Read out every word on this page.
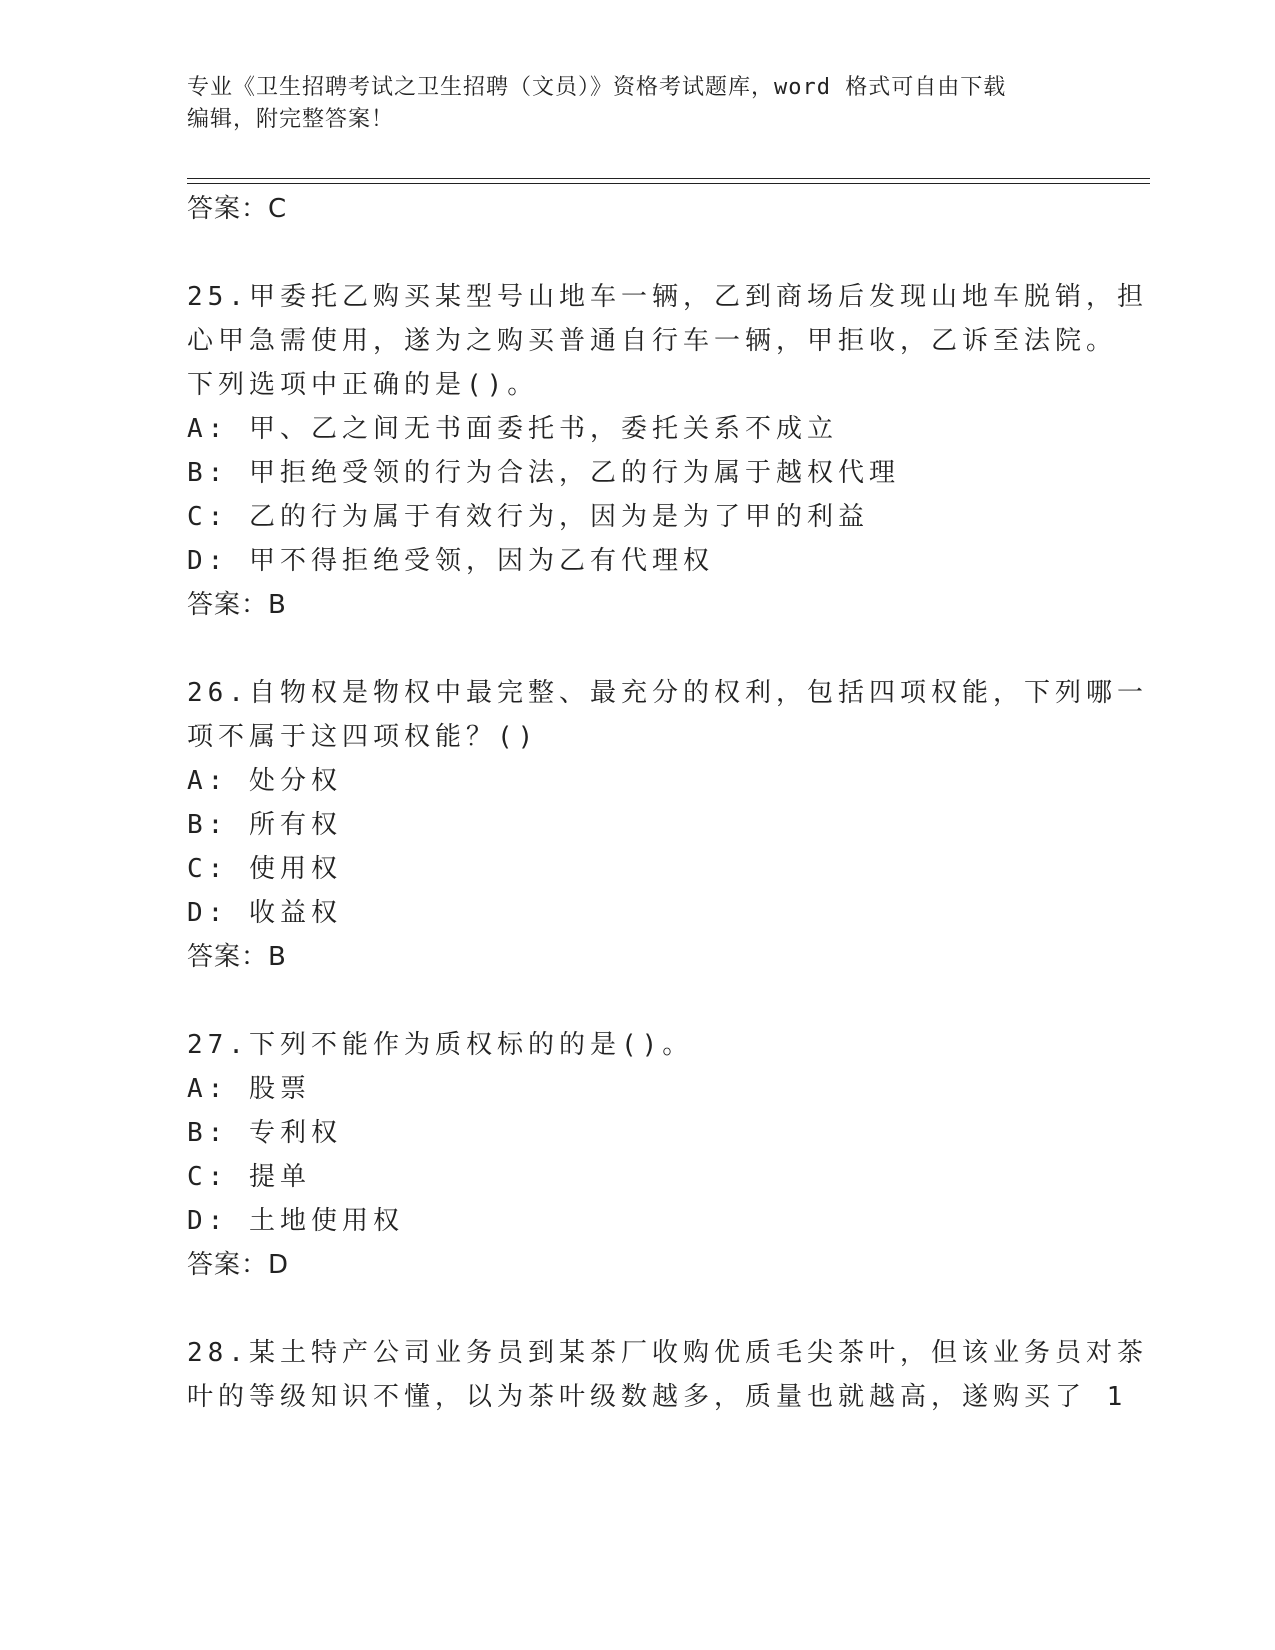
专业《卫生招聘考试之卫生招聘（文员）》资格考试题库，word 格式可自由下载
编辑，附完整答案！
答案：C
25.甲委托乙购买某型号山地车一辆，乙到商场后发现山地车脱销，担
心甲急需使用，遂为之购买普通自行车一辆，甲拒收，乙诉至法院。
下列选项中正确的是()。
A: 甲、乙之间无书面委托书，委托关系不成立
B: 甲拒绝受领的行为合法，乙的行为属于越权代理
C: 乙的行为属于有效行为，因为是为了甲的利益
D: 甲不得拒绝受领，因为乙有代理权
答案：B
26.自物权是物权中最完整、最充分的权利，包括四项权能，下列哪一
项不属于这四项权能？()
A: 处分权
B: 所有权
C: 使用权
D: 收益权
答案：B
27.下列不能作为质权标的的是()。
A: 股票
B: 专利权
C: 提单
D: 土地使用权
答案：D
28.某土特产公司业务员到某茶厂收购优质毛尖茶叶，但该业务员对茶
叶的等级知识不懂，以为茶叶级数越多，质量也就越高，遂购买了 1
